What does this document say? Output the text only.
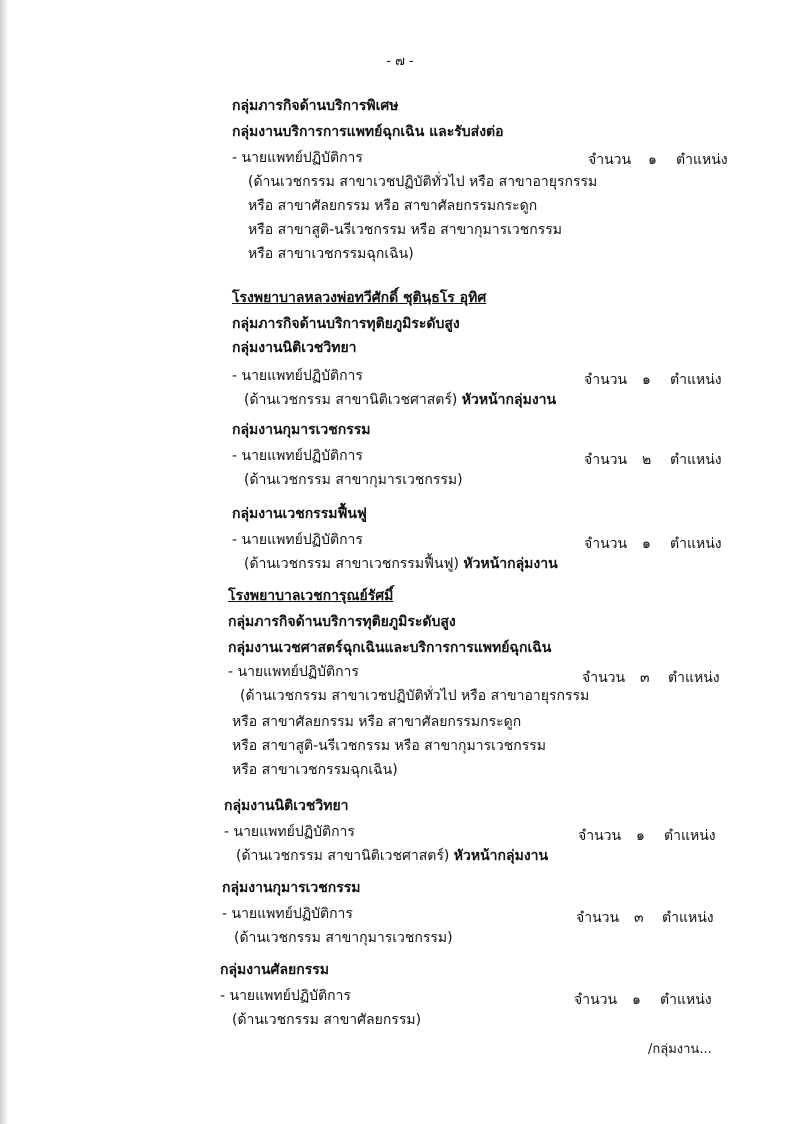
- ๗ -
กลุ่มภารกิจด้านบริการพิเศษ
กลุ่มงานบริการการแพทย์ฉุกเฉิน และรับส่งต่อ
- นายแพทย์ปฏิบัติการ
(ด้านเวชกรรม สาขาเวชปฏิบัติทั่วไป หรือ สาขาอายุรกรรม
หรือ สาขาศัลยกรรม หรือ สาขาศัลยกรรมกระดูก
หรือ สาขาสูติ-นรีเวชกรรม หรือ สาขากุมารเวชกรรม
หรือ สาขาเวชกรรมฉุกเฉิน)
จำนวน ๑ ตำแหน่ง
โรงพยาบาลหลวงพ่อทวีศักดิ์ ชุตินฺธโร อุทิศ
กลุ่มภารกิจด้านบริการทุติยภูมิระดับสูง
กลุ่มงานนิติเวชวิทยา
- นายแพทย์ปฏิบัติการ
(ด้านเวชกรรม สาขานิติเวชศาสตร์) หัวหน้ากลุ่มงาน
จำนวน ๑ ตำแหน่ง
กลุ่มงานกุมารเวชกรรม
- นายแพทย์ปฏิบัติการ
(ด้านเวชกรรม สาขากุมารเวชกรรม)
จำนวน ๒ ตำแหน่ง
กลุ่มงานเวชกรรมฟื้นฟู
- นายแพทย์ปฏิบัติการ
(ด้านเวชกรรม สาขาเวชกรรมฟื้นฟู) หัวหน้ากลุ่มงาน
จำนวน ๑ ตำแหน่ง
โรงพยาบาลเวชการุณย์รัศมิ์
กลุ่มภารกิจด้านบริการทุติยภูมิระดับสูง
กลุ่มงานเวชศาสตร์ฉุกเฉินและบริการการแพทย์ฉุกเฉิน
- นายแพทย์ปฏิบัติการ
(ด้านเวชกรรม สาขาเวชปฏิบัติทั่วไป หรือ สาขาอายุรกรรม
หรือ สาขาศัลยกรรม หรือ สาขาศัลยกรรมกระดูก
หรือ สาขาสูติ-นรีเวชกรรม หรือ สาขากุมารเวชกรรม
หรือ สาขาเวชกรรมฉุกเฉิน)
จำนวน ๓ ตำแหน่ง
กลุ่มงานนิติเวชวิทยา
- นายแพทย์ปฏิบัติการ
(ด้านเวชกรรม สาขานิติเวชศาสตร์) หัวหน้ากลุ่มงาน
จำนวน ๑ ตำแหน่ง
กลุ่มงานกุมารเวชกรรม
- นายแพทย์ปฏิบัติการ
(ด้านเวชกรรม สาขากุมารเวชกรรม)
จำนวน ๓ ตำแหน่ง
กลุ่มงานศัลยกรรม
- นายแพทย์ปฏิบัติการ
(ด้านเวชกรรม สาขาศัลยกรรม)
จำนวน ๑ ตำแหน่ง
/กลุ่มงาน...
